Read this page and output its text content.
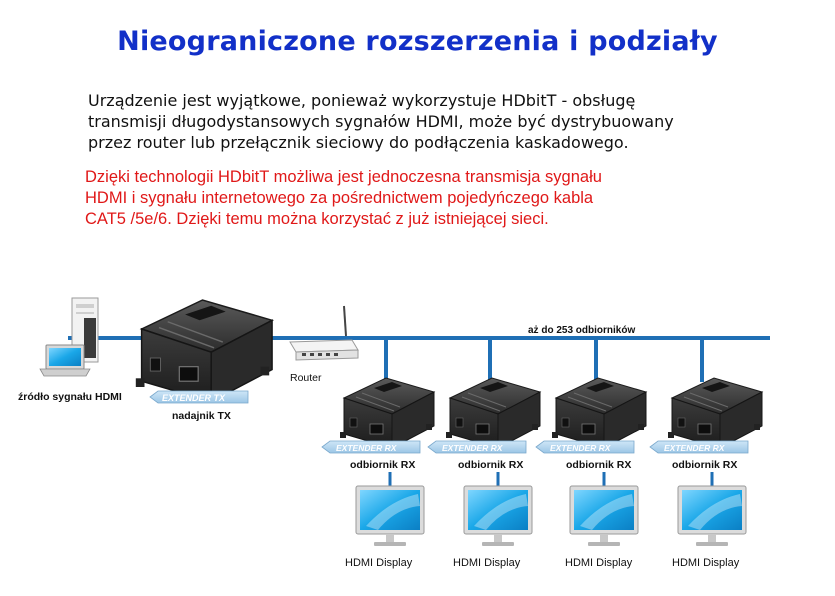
Nieograniczone rozszerzenia i podziały
Urządzenie jest wyjątkowe, ponieważ wykorzystuje HDbitT - obsługę
transmisji długodystansowych sygnałów HDMI, może być dystrybuowany
przez router lub przełącznik sieciowy do podłączenia kaskadowego.
Dzięki technologii HDbitT możliwa jest jednoczesna transmisja sygnału
HDMI i sygnału internetowego za pośrednictwem pojedyńczego kabla
CAT5 /5e/6. Dzięki temu można korzystać z już istniejącej sieci.
źródło sygnału HDMI	EXTENDER TX
nadajnik TX
Router
aż do 253 odbiorników
EXTENDER RX
odbiornik RX
HDMI Display
EXTENDER RX
odbiornik RX
HDMI Display
EXTENDER RX
odbiornik RX
HDMI Display
EXTENDER RX
odbiornik RX
HDMI Display
